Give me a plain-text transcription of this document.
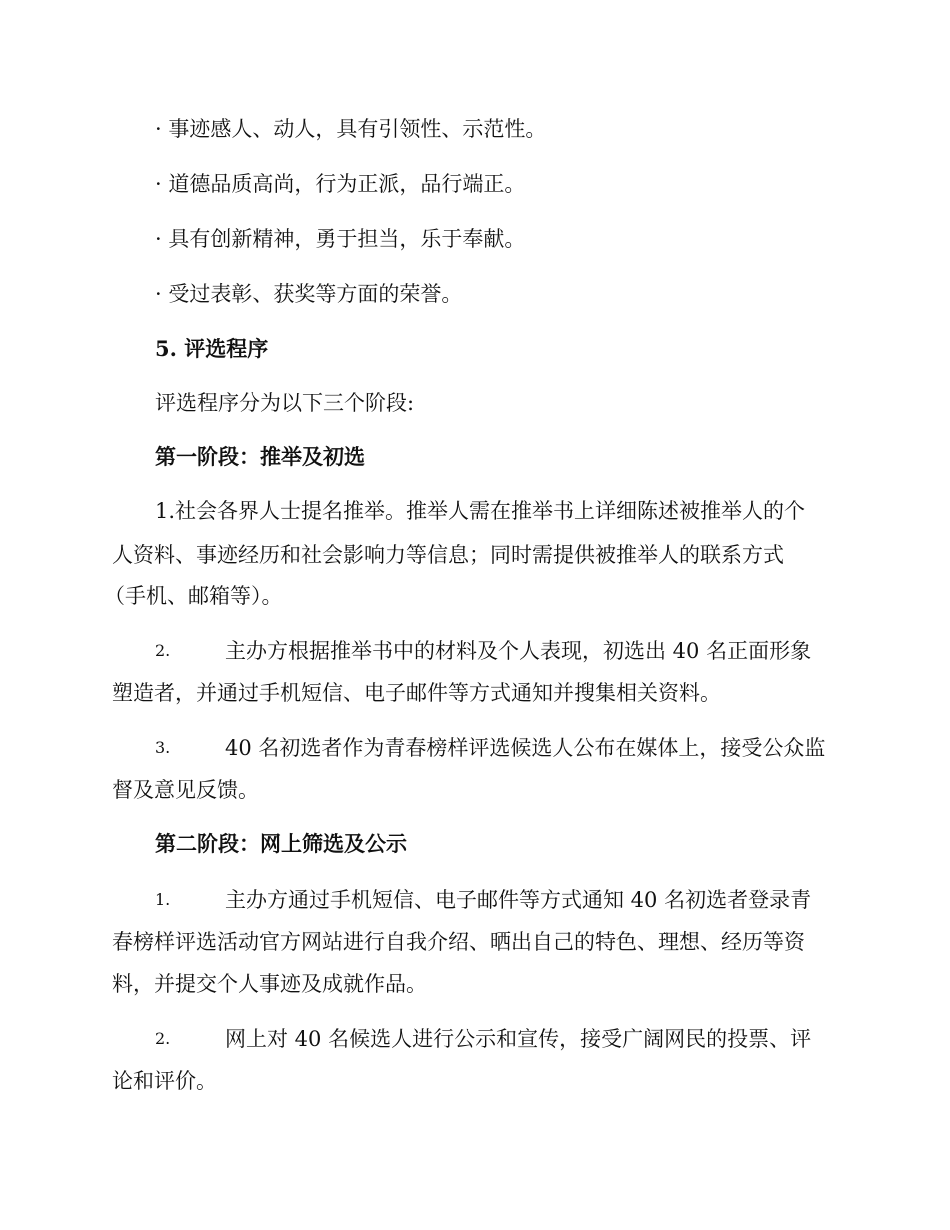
· 事迹感人、动人，具有引领性、示范性。
· 道德品质高尚，行为正派，品行端正。
· 具有创新精神，勇于担当，乐于奉献。
· 受过表彰、获奖等方面的荣誉。
5. 评选程序
评选程序分为以下三个阶段:
第一阶段：推举及初选
1.社会各界人士提名推举。推举人需在推举书上详细陈述被推举人的个
人资料、事迹经历和社会影响力等信息；同时需提供被推举人的联系方式
（手机、邮箱等）。
2.	主办方根据推举书中的材料及个人表现，初选出 40 名正面形象
塑造者，并通过手机短信、电子邮件等方式通知并搜集相关资料。
3.	40 名初选者作为青春榜样评选候选人公布在媒体上，接受公众监
督及意见反馈。
第二阶段：网上筛选及公示
1.	主办方通过手机短信、电子邮件等方式通知 40 名初选者登录青
春榜样评选活动官方网站进行自我介绍、晒出自己的特色、理想、经历等资
料，并提交个人事迹及成就作品。
2.	网上对 40 名候选人进行公示和宣传，接受广阔网民的投票、评
论和评价。
